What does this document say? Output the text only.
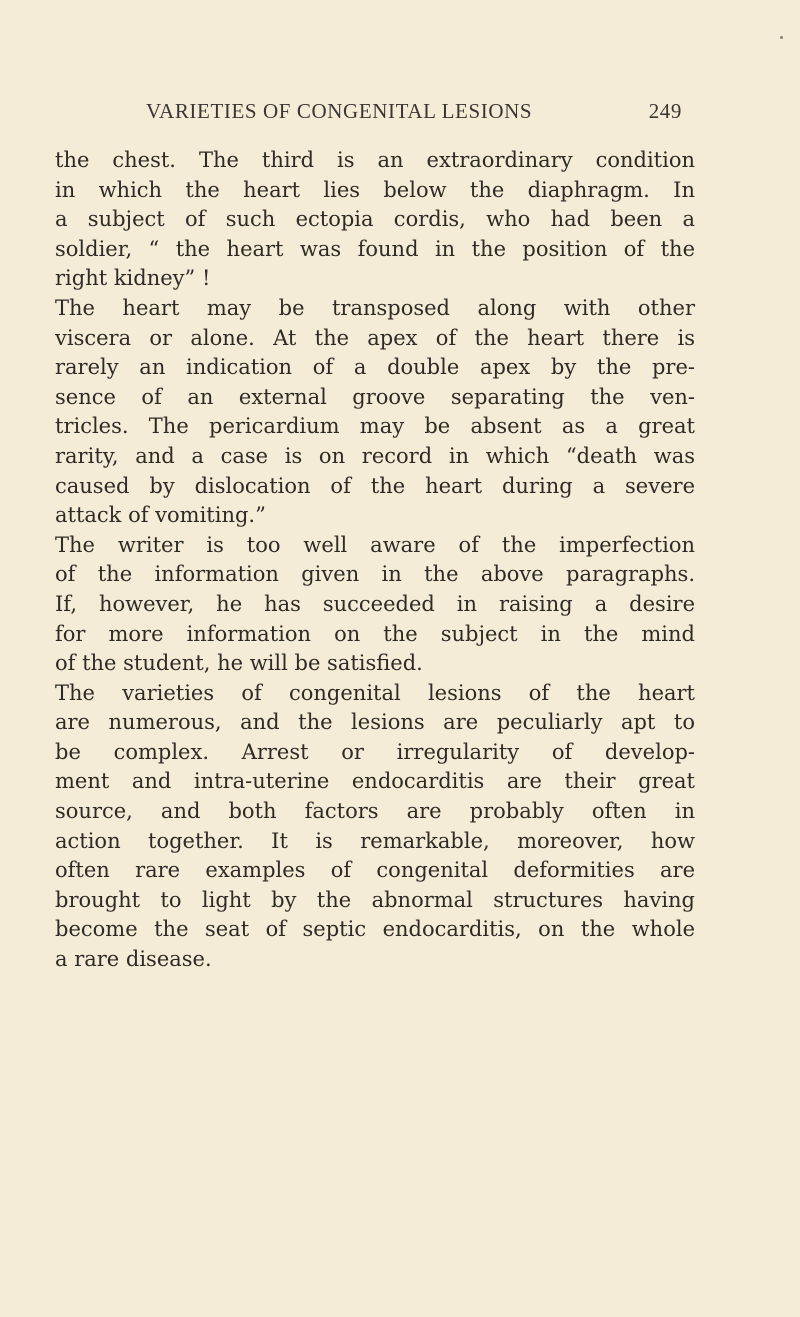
VARIETIES OF CONGENITAL LESIONS	249
the chest. The third is an extraordinary condition
in which the heart lies below the diaphragm. In
a subject of such ectopia cordis, who had been a
soldier, “ the heart was found in the position of the
right kidney” !
The heart may be transposed along with other
viscera or alone. At the apex of the heart there is
rarely an indication of a double apex by the pre-
sence of an external groove separating the ven-
tricles. The pericardium may be absent as a great
rarity, and a case is on record in which “death was
caused by dislocation of the heart during a severe
attack of vomiting.”
The writer is too well aware of the imperfection
of the information given in the above paragraphs.
If, however, he has succeeded in raising a desire
for more information on the subject in the mind
of the student, he will be satisfied.
The varieties of congenital lesions of the heart
are numerous, and the lesions are peculiarly apt to
be complex. Arrest or irregularity of develop-
ment and intra-uterine endocarditis are their great
source, and both factors are probably often in
action together. It is remarkable, moreover, how
often rare examples of congenital deformities are
brought to light by the abnormal structures having
become the seat of septic endocarditis, on the whole
a rare disease.
